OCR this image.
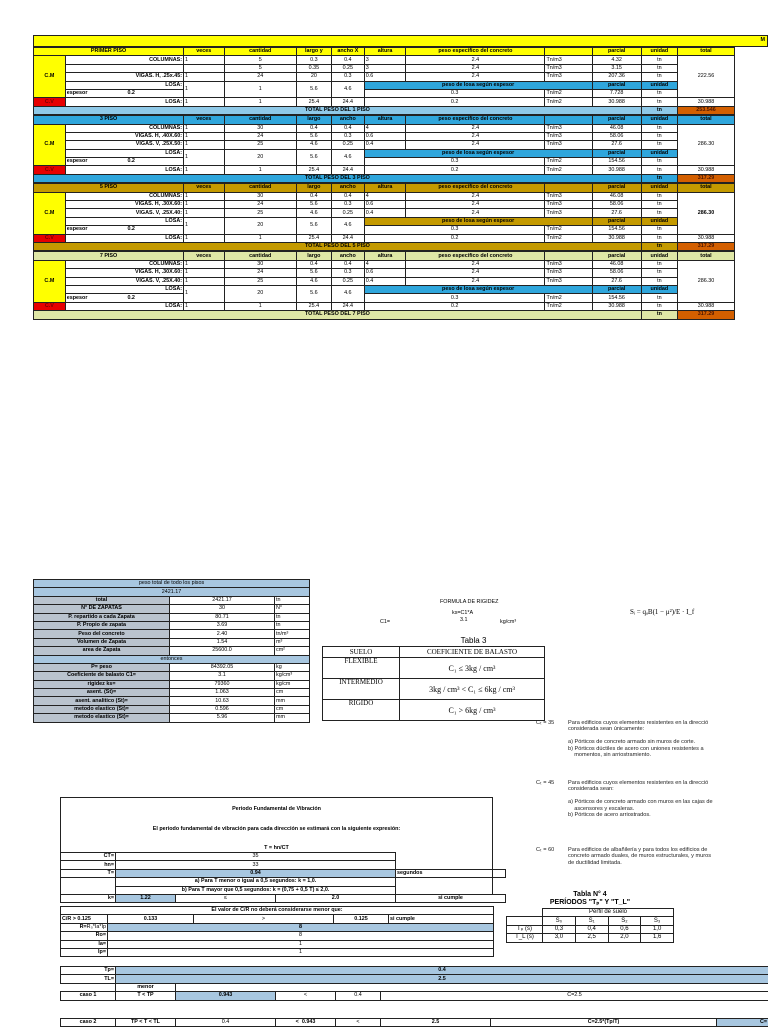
M
PRIMER PISO		veces	cantidad	largo y	ancho X	altura	peso especifico del concreto		parcial	unidad	total
C.M	COLUMNAS:	1	5	0.3	0.4	3	2.4	Tn/m3	4.32	tn	222.56
			5	0.35	0.25	3	2.4	Tn/m3	3.15	tn	
	VIGAS. H, .25x.45:	1	24	20	0.3	0.6	2.4	Tn/m3	207.36	tn	
	LOSA:	1	1	5.6	4.6	peso de losa según espesor			parcial	unidad	
	espesor 0.2					0.3		Tn/m2	7.728	tn	
C.V	LOSA:	1	1	25.4	24.4	0.2		Tn/m2	30.988	tn	30.988
TOTAL PESO DEL 1 PISO										tn	253.546
3 PISO		veces	cantidad	largo	ancho	altura	peso especifico del concreto		parcial	unidad	total
C.M	COLUMNAS:	1	30	0.4	0.4	4	2.4	Tn/m3	46.08	tn	286.30
	VIGAS. H, .40X.60:	1	24	5.6	0.3	0.6	2.4	Tn/m3	58.06	tn	
	VIGAS. V, .25X.50:	1	25	4.6	0.25	0.4	2.4	Tn/m3	27.6	tn	
	LOSA:	1	20	5.6	4.6	peso de losa según espesor			parcial	unidad	
	espesor 0.2					0.3		Tn/m2	154.56	tn	
C.V	LOSA:	1	1	25.4	24.4	0.2		Tn/m2	30.988	tn	30.988
TOTAL PESO DEL 3 PISO										tn	317.29
5 PISO		veces	cantidad	largo	ancho	altura	peso especifico del concreto		parcial	unidad	total
C.M	COLUMNAS:	1	30	0.4	0.4	4	2.4	Tn/m3	46.08	tn	286.30
	VIGAS. H, .30X.60:	1	24	5.6	0.3	0.6	2.4	Tn/m3	58.06	tn	
	VIGAS. V, .25X.40:	1	25	4.6	0.25	0.4	2.4	Tn/m3	27.6	tn	
	LOSA:	1	20	5.6	4.6	peso de losa según espesor			parcial	unidad	
	espesor 0.2					0.3		Tn/m2	154.56	tn	
C.V	LOSA:	1	1	25.4	24.4	0.2		Tn/m2	30.988	tn	30.988
TOTAL PESO DEL 5 PISO										tn	317.29
7 PISO		veces	cantidad	largo	ancho	altura	peso especifico del concreto		parcial	unidad	total
C.M	COLUMNAS:	1	30	0.4	0.4	4	2.4	Tn/m3	46.08	tn	286.30
	VIGAS. H, .30X.60:	1	24	5.6	0.3	0.6	2.4	Tn/m3	58.06	tn	
	VIGAS. V, .25X.40:	1	25	4.6	0.25	0.4	2.4	Tn/m3	27.6	tn	
	LOSA:	1	20	5.6	4.6	peso de losa según espesor			parcial	unidad	
	espesor 0.2					0.3		Tn/m2	154.56	tn	
C.V	LOSA:	1	1	25.4	24.4	0.2		Tn/m2	30.988	tn	30.988
TOTAL PESO DEL 7 PISO										tn	317.29
peso total de todo los pisos		
2421.17		
total	2421.17	tn
N° DE ZAPATAS	30	N°
P. repartido a cada Zapata	80.71	tn
P. Propio de zapata	3.69	tn
Peso del concreto	2.40	tn/m³
Volumen de Zapata	1.54	m³
area de Zapata	25600.0	cm²
entonces		
P= peso	84392.05	kg
Coeficiente de balasto C1=	3.1	kg/cm³
rigidez ks=	79360	kg/cm
asent. (St)=	1.063	cm
asent. analitico (St)=	10.63	mm
metodo elastico (St)=	0.596	cm
metodo elastico (St)=	5.96	mm
FORMULA DE RIGIDEZ
ks=C1*A
C1=	3.1	kg/cm³
Sᵢ = qₐB(1 − μ²)/E · I_f
Tabla 3
SUELO	COEFICIENTE DE BALASTO
FLEXIBLE	C₁ ≤ 3kg / cm³
INTERMEDIO	3kg / cm³ < C₁ ≤ 6kg / cm³
RIGIDO	C₁ > 6kg / cm³
Cₜ = 35	Para edificios cuyos elementos resistentes en la direcció
considerada sean únicamente:
a) Pórticos de concreto armado sin muros de corte.
b) Pórticos dúctiles de acero con uniones resistentes a
momentos, sin arriostramiento.
Cₜ = 45	Para edificios cuyos elementos resistentes en la direcció
considerada sean:
a) Pórticos de concreto armado con muros en las cajas de
ascensores y escaleras.
b) Pórticos de acero arriostrados.
Cₜ = 60	Para edificios de albañilería y para todos los edificios de
concreto armado duales, de muros estructurales, y muros
de ductilidad limitada.
Periodo Fundamental de Vibración
El periodo fundamental de vibración para cada dirección se estimará con la siguiente expresión:
T = hn/CT
CT=	35			
hn=	33			
T=	0.94			segundos
	a) Para T menor o igual a 0,5 segundos: k = 1,0.			
	b) Para T mayor que 0,5 segundos: k = (0,75 + 0,5 T) ≤ 2,0.			
k=	1.22	≤	2.0	si cumple
El valor de C/R no deberá considerarse menor que:				
C/R > 0.125	0.133	>	0.125	si cumple
R=R₀*Ia*Ip	8			
Ro=	8			
Ia=	1			
Ip=	1			
Tabla N° 4
PERÍODOS "Tₚ" Y "T_L"
	Perfil de suelo			
	S₀	S₁	S₂	S₃
Tₚ (s)	0,3	0,4	0,6	1,0
T_L (s)	3,0	2,5	2,0	1,6
Tp=	0.4				
TL=	2.5				
	menor				
caso 1	T < TP	0.943	<	0.4	C=2.5
caso 2	TP < T < TL	0.4	< 0.943	<	2.5	C=2.5*(Tp/T)	C=
